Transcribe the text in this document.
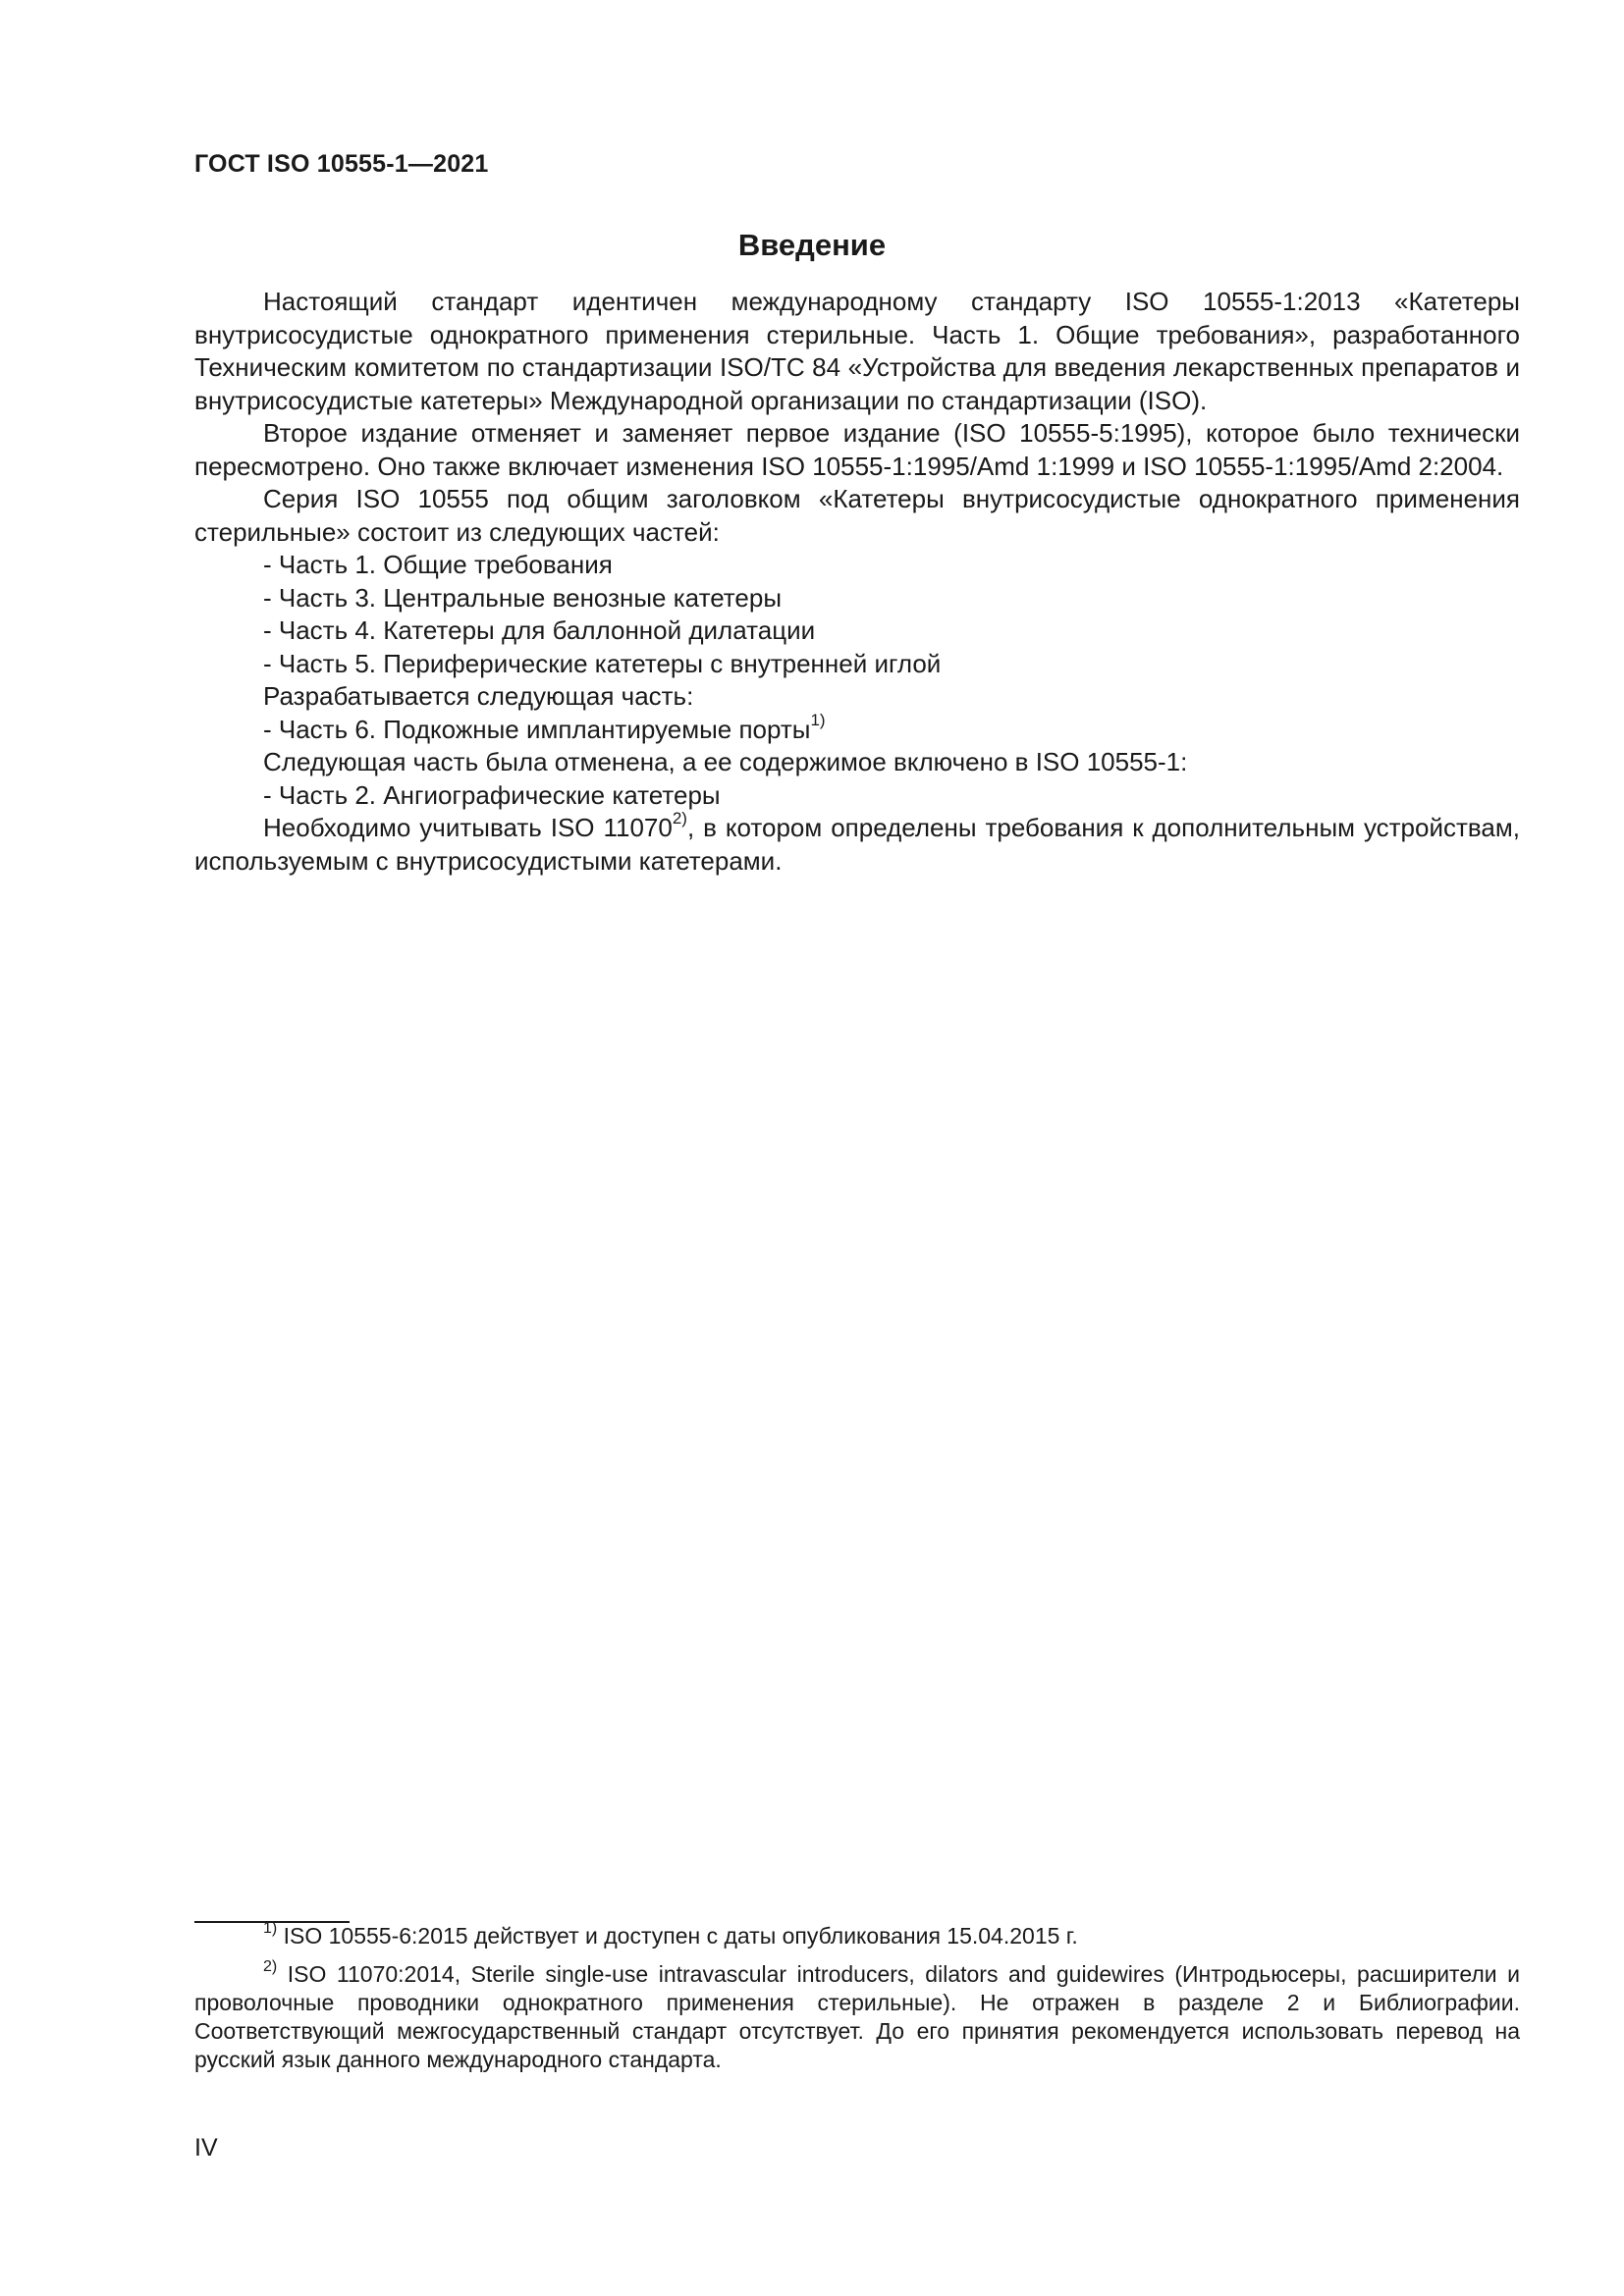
ГОСТ ISO 10555-1—2021
Введение

Настоящий стандарт идентичен международному стандарту ISO 10555-1:2013 «Катетеры внутрисосудистые однократного применения стерильные. Часть 1. Общие требования», разработанного Техническим комитетом по стандартизации ISO/TC 84 «Устройства для введения лекарственных препаратов и внутрисосудистые катетеры» Международной организации по стандартизации (ISO).

Второе издание отменяет и заменяет первое издание (ISO 10555-5:1995), которое было технически пересмотрено. Оно также включает изменения ISO 10555-1:1995/Amd 1:1999 и ISO 10555-1:1995/Amd 2:2004.

Серия ISO 10555 под общим заголовком «Катетеры внутрисосудистые однократного применения стерильные» состоит из следующих частей:

- Часть 1. Общие требования

- Часть 3. Центральные венозные катетеры

- Часть 4. Катетеры для баллонной дилатации

- Часть 5. Периферические катетеры с внутренней иглой

Разрабатывается следующая часть:

- Часть 6. Подкожные имплантируемые порты$^{1)}$

Следующая часть была отменена, а ее содержимое включено в ISO 10555-1:

- Часть 2. Ангиографические катетеры

Необходимо учитывать ISO 11070$^{2)}$, в котором определены требования к дополнительным устройствам, используемым с внутрисосудистыми катетерами.

$^{1)}$ ISO 10555-6:2015 действует и доступен с даты опубликования 15.04.2015 г.

$^{2)}$ ISO 11070:2014, Sterile single-use intravascular introducers, dilators and guidewires (Интродьюсеры, расширители и проволочные проводники однократного применения стерильные). Не отражен в разделе 2 и Библиографии. Соответствующий межгосударственный стандарт отсутствует. До его принятия рекомендуется использовать перевод на русский язык данного международного стандарта.

IV
